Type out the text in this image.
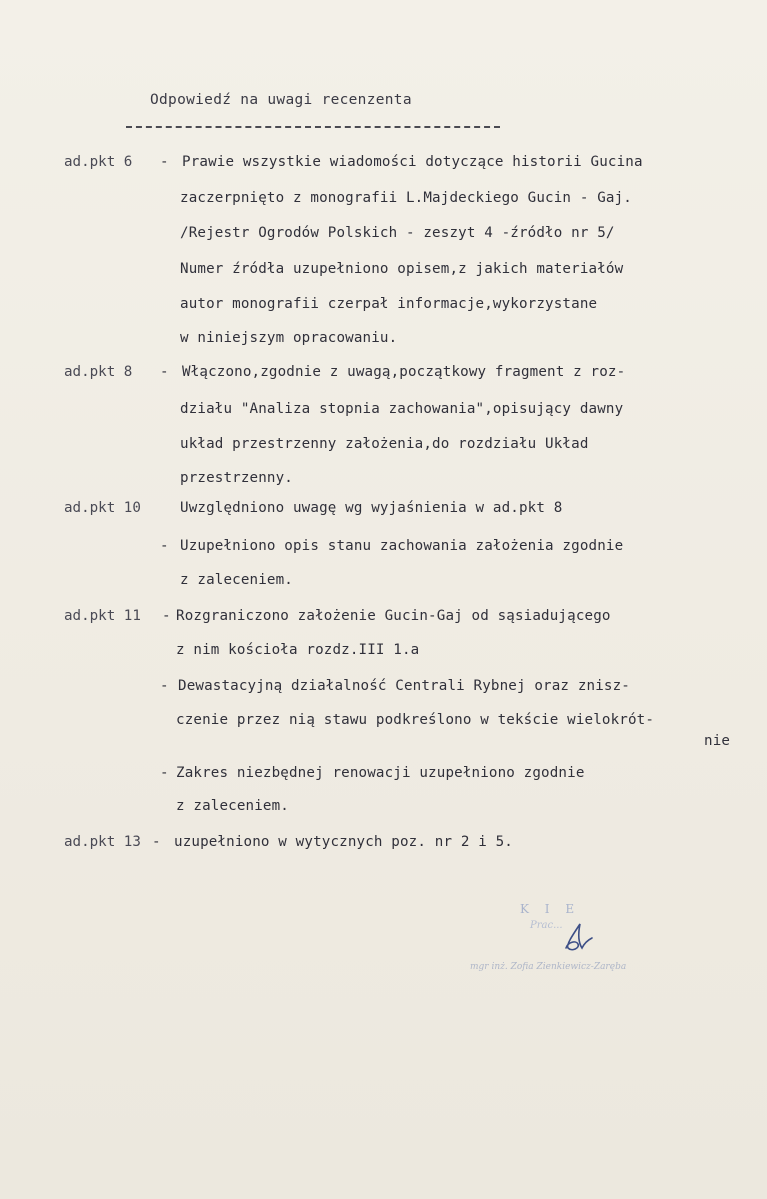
Odpowiedź na uwagi recenzenta
ad.pkt 6 - Prawie wszystkie wiadomości dotyczące historii Gucina
zaczerpnięto z monografii L.Majdeckiego Gucin - Gaj.
/Rejestr Ogrodów Polskich - zeszyt 4 -źródło nr 5/
Numer źródła uzupełniono opisem,z jakich materiałów
autor monografii czerpał informacje,wykorzystane
w niniejszym opracowaniu.
ad.pkt 8 - Włączono,zgodnie z uwagą,początkowy fragment z roz-
działu "Analiza stopnia zachowania",opisujący dawny
układ przestrzenny założenia,do rozdziału Układ
przestrzenny.
ad.pkt 10	Uwzględniono uwagę wg wyjaśnienia w ad.pkt 8
- Uzupełniono opis stanu zachowania założenia zgodnie
z zaleceniem.
ad.pkt 11 - Rozgraniczono założenie Gucin-Gaj od sąsiadującego
z nim kościoła rozdz.III 1.a
- Dewastacyjną działalność Centrali Rybnej oraz znisz-
czenie przez nią stawu podkreślono w tekście wielokrót-
nie
- Zakres niezbędnej renowacji uzupełniono zgodnie
z zaleceniem.
ad.pkt 13 - uzupełniono w wytycznych poz. nr 2 i 5.
K I E
Prac...
mgr inż. Zofia Zienkiewicz-Zaręba
